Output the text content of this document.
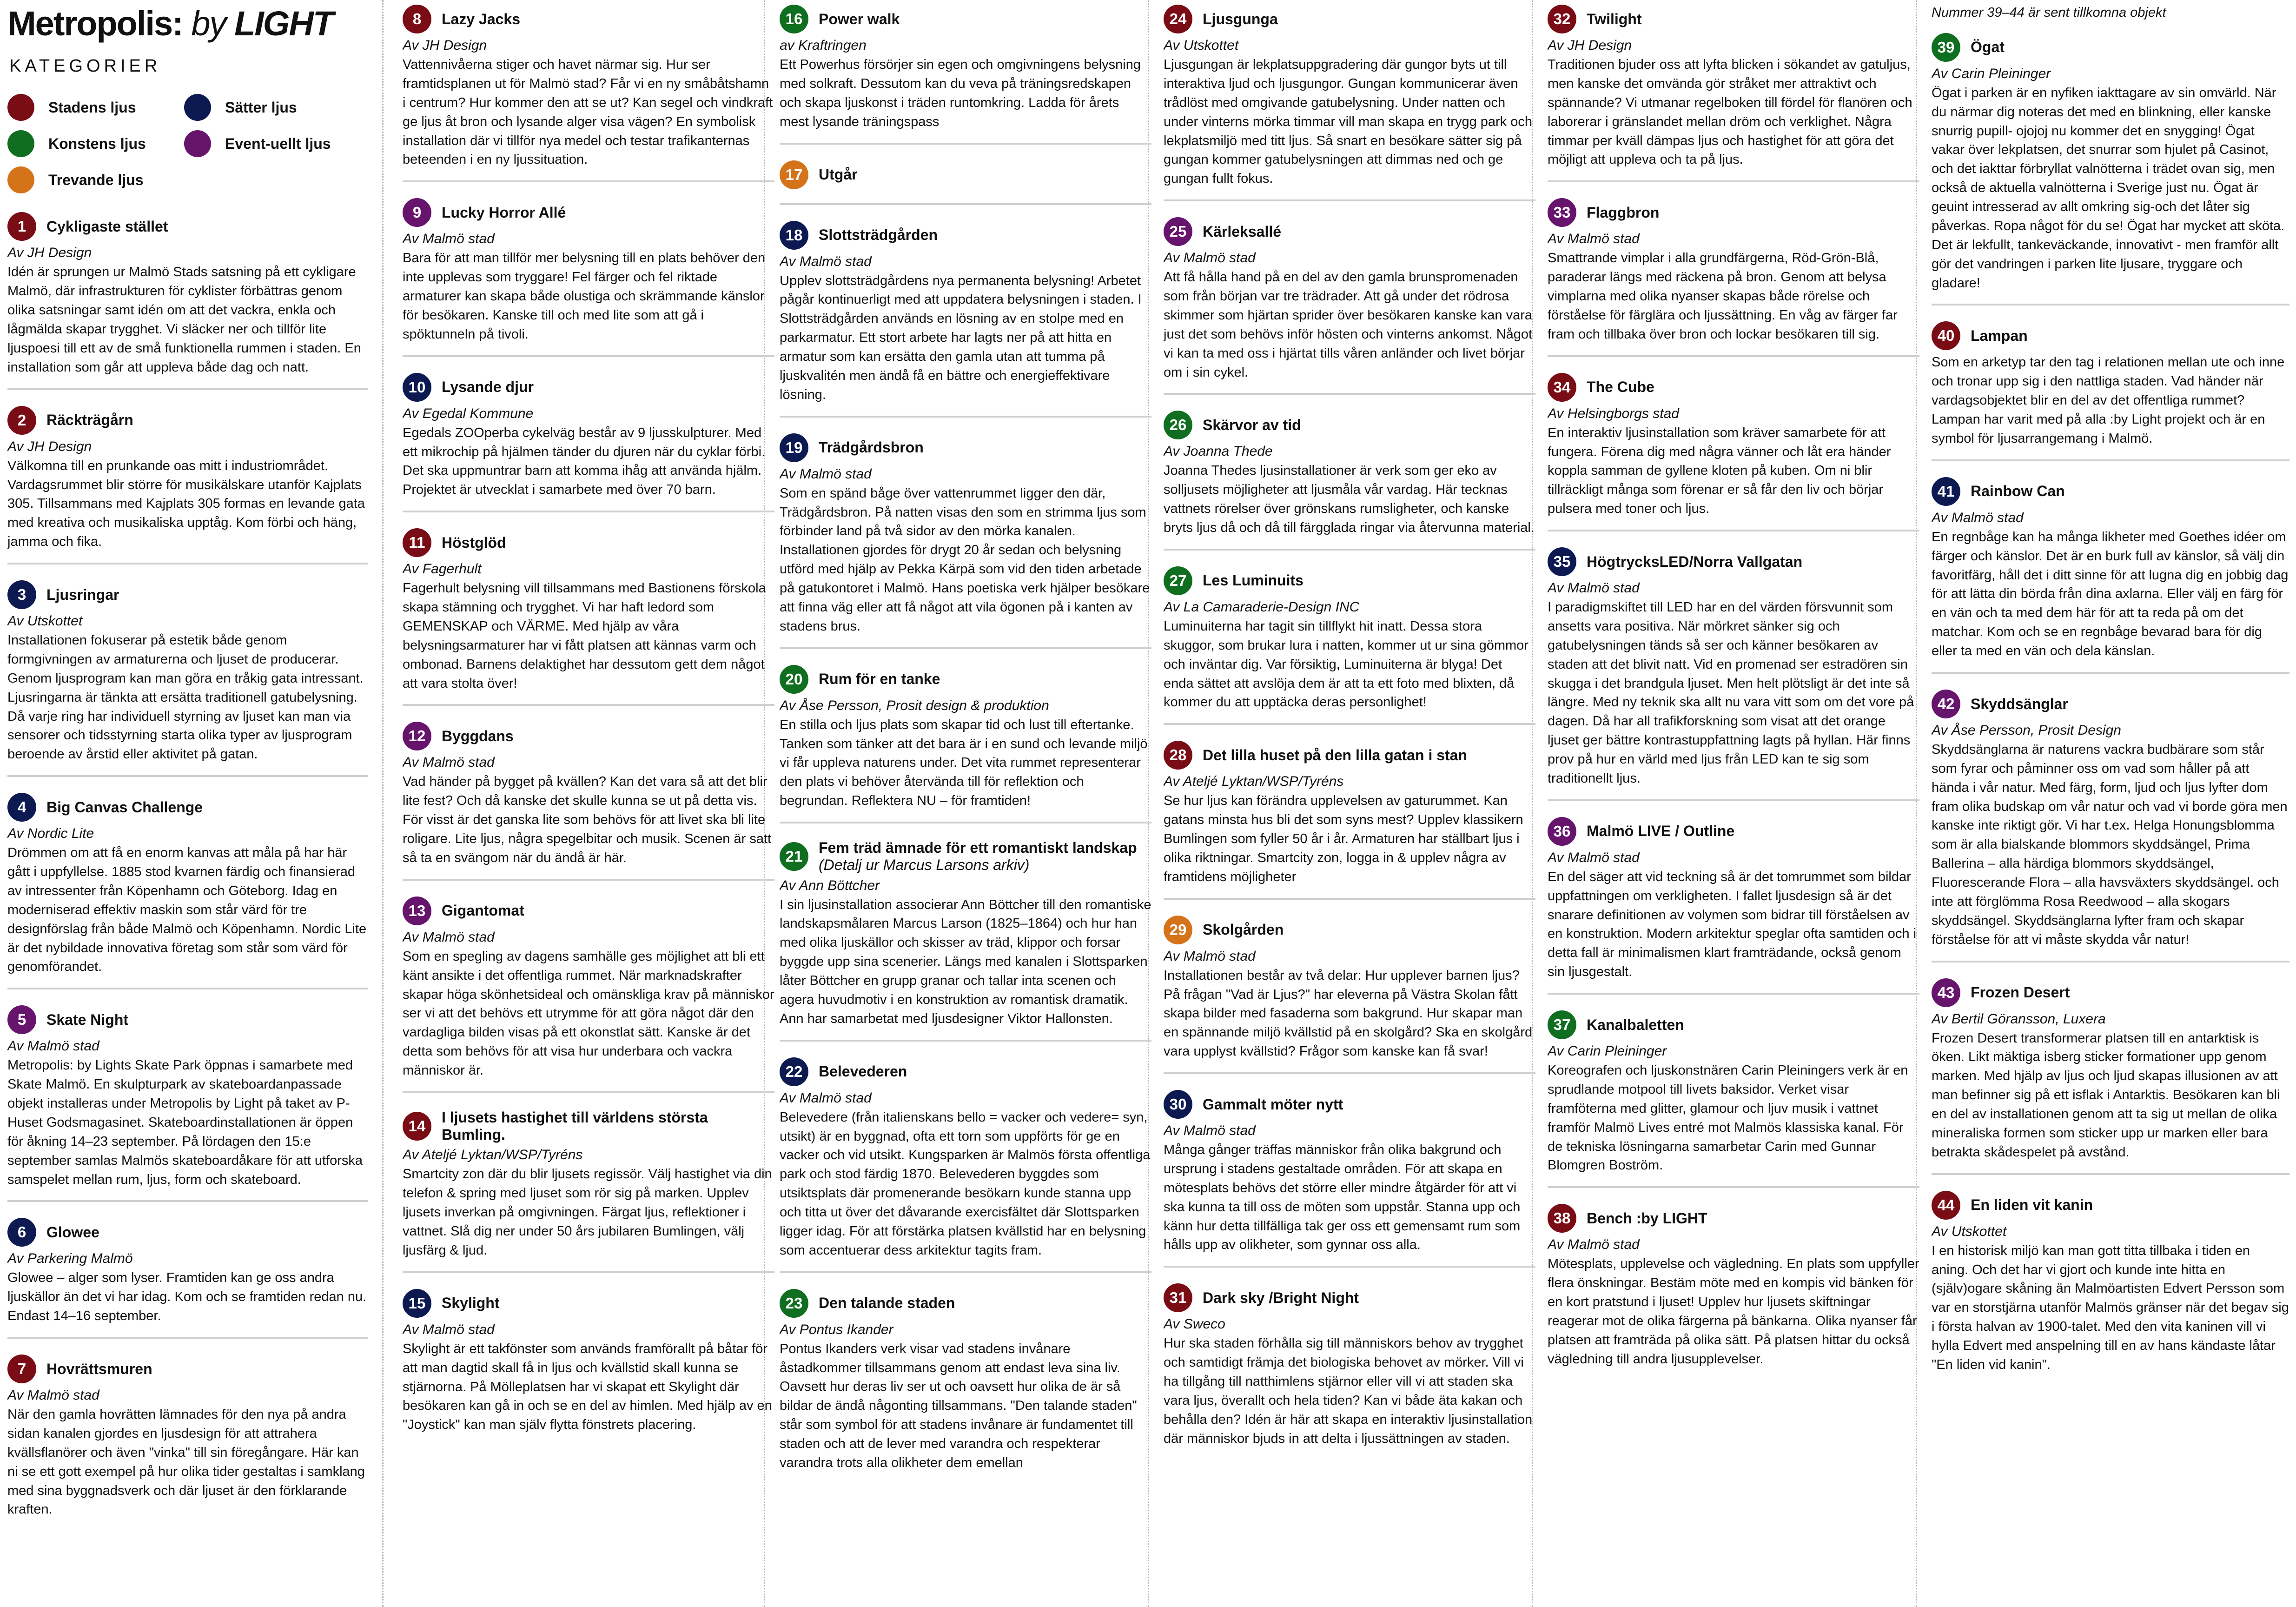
Metropolis: by LIGHT
KATEGORIER
Stadens ljus	Sätter ljus
Konstens ljus	Event-uellt ljus
Trevande ljus
1	Cykligaste stället
Av JH Design
Idén är sprungen ur Malmö Stads satsning på ett cykligare Malmö, där infrastrukturen för cyklister förbättras genom olika satsningar samt idén om att det vackra, enkla och lågmälda skapar trygghet. Vi släcker ner och tillför lite ljuspoesi till ett av de små funktionella rummen i staden. En installation som går att uppleva både dag och natt.
2	Räckträgårn
Av JH Design
Välkomna till en prunkande oas mitt i industriområdet. Vardagsrummet blir större för musikälskare utanför Kajplats 305. Tillsammans med Kajplats 305 formas en levande gata med kreativa och musikaliska upptåg. Kom förbi och häng, jamma och fika.
3	Ljusringar
Av Utskottet
Installationen fokuserar på estetik både genom formgivningen av armaturerna och ljuset de producerar. Genom ljusprogram kan man göra en tråkig gata intressant. Ljusringarna är tänkta att ersätta traditionell gatubelysning. Då varje ring har individuell styrning av ljuset kan man via sensorer och tidsstyrning starta olika typer av ljusprogram beroende av årstid eller aktivitet på gatan.
4	Big Canvas Challenge
Av Nordic Lite
Drömmen om att få en enorm kanvas att måla på har här gått i uppfyllelse. 1885 stod kvarnen färdig och finansierad av intressenter från Köpenhamn och Göteborg. Idag en moderniserad effektiv maskin som står värd för tre designförslag från både Malmö och Köpenhamn. Nordic Lite är det nybildade innovativa företag som står som värd för genomförandet.
5	Skate Night
Av Malmö stad
Metropolis: by Lights Skate Park öppnas i samarbete med Skate Malmö. En skulpturpark av skateboardanpassade objekt installeras under Metropolis by Light på taket av P-Huset Godsmagasinet. Skateboardinstallationen är öppen för åkning 14–23 september. På lördagen den 15:e september samlas Malmös skateboardåkare för att utforska samspelet mellan rum, ljus, form och skateboard.
6	Glowee
Av Parkering Malmö
Glowee – alger som lyser. Framtiden kan ge oss andra ljuskällor än det vi har idag. Kom och se framtiden redan nu. Endast 14–16 september.
7	Hovrättsmuren
Av Malmö stad
När den gamla hovrätten lämnades för den nya på andra sidan kanalen gjordes en ljusdesign för att attrahera kvällsflanörer och även "vinka" till sin föregångare. Här kan ni se ett gott exempel på hur olika tider gestaltas i samklang med sina byggnadsverk och där ljuset är den förklarande kraften.
8	Lazy Jacks
Av JH Design
Vattennivåerna stiger och havet närmar sig. Hur ser framtidsplanen ut för Malmö stad? Får vi en ny småbåtshamn i centrum? Hur kommer den att se ut? Kan segel och vindkraft ge ljus åt bron och lysande alger visa vägen? En symbolisk installation där vi tillför nya medel och testar trafikanternas beteenden i en ny ljussituation.
9	Lucky Horror Allé
Av Malmö stad
Bara för att man tillför mer belysning till en plats behöver den inte upplevas som tryggare! Fel färger och fel riktade armaturer kan skapa både olustiga och skrämmande känslor för besökaren. Kanske till och med lite som att gå i spöktunneln på tivoli.
10	Lysande djur
Av Egedal Kommune
Egedals ZOOperba cykelväg består av 9 ljusskulpturer. Med ett mikrochip på hjälmen tänder du djuren när du cyklar förbi. Det ska uppmuntrar barn att komma ihåg att använda hjälm. Projektet är utvecklat i samarbete med över 70 barn.
11	Höstglöd
Av Fagerhult
Fagerhult belysning vill tillsammans med Bastionens förskola skapa stämning och trygghet. Vi har haft ledord som GEMENSKAP och VÄRME. Med hjälp av våra belysningsarmaturer har vi fått platsen att kännas varm och ombonad. Barnens delaktighet har dessutom gett dem något att vara stolta över!
12	Byggdans
Av Malmö stad
Vad händer på bygget på kvällen? Kan det vara så att det blir lite fest? Och då kanske det skulle kunna se ut på detta vis. För visst är det ganska lite som behövs för att livet ska bli lite roligare. Lite ljus, några spegelbitar och musik. Scenen är satt så ta en svängom när du ändå är här.
13	Gigantomat
Av Malmö stad
Som en spegling av dagens samhälle ges möjlighet att bli ett känt ansikte i det offentliga rummet. När marknadskrafter skapar höga skönhetsideal och omänskliga krav på människor ser vi att det behövs ett utrymme för att göra något där den vardagliga bilden visas på ett okonstlat sätt. Kanske är det detta som behövs för att visa hur underbara och vackra människor är.
14	I ljusets hastighet till världens största Bumling.
Av Ateljé Lyktan/WSP/Tyréns
Smartcity zon där du blir ljusets regissör. Välj hastighet via din telefon & spring med ljuset som rör sig på marken. Upplev ljusets inverkan på omgivningen. Färgat ljus, reflektioner i vattnet. Slå dig ner under 50 års jubilaren Bumlingen, välj ljusfärg & ljud.
15	Skylight
Av Malmö stad
Skylight är ett takfönster som används framförallt på båtar för att man dagtid skall få in ljus och kvällstid skall kunna se stjärnorna. På Mölleplatsen har vi skapat ett Skylight där besökaren kan gå in och se en del av himlen. Med hjälp av en "Joystick" kan man själv flytta fönstrets placering.
16	Power walk
av Kraftringen
Ett Powerhus försörjer sin egen och omgivningens belysning med solkraft. Dessutom kan du veva på träningsredskapen och skapa ljuskonst i träden runtomkring. Ladda för årets mest lysande träningspass
17	Utgår
18	Slottsträdgården
Av Malmö stad
Upplev slottsträdgårdens nya permanenta belysning! Arbetet pågår kontinuerligt med att uppdatera belysningen i staden. I Slottsträdgården används en lösning av en stolpe med en parkarmatur. Ett stort arbete har lagts ner på att hitta en armatur som kan ersätta den gamla utan att tumma på ljuskvalitén men ändå få en bättre och energieffektivare lösning.
19	Trädgårdsbron
Av Malmö stad
Som en spänd båge över vattenrummet ligger den där, Trädgårdsbron. På natten visas den som en strimma ljus som förbinder land på två sidor av den mörka kanalen. Installationen gjordes för drygt 20 år sedan och belysning utförd med hjälp av Pekka Kärpä som vid den tiden arbetade på gatukontoret i Malmö. Hans poetiska verk hjälper besökare att finna väg eller att få något att vila ögonen på i kanten av stadens brus.
20	Rum för en tanke
Av Åse Persson, Prosit design & produktion
En stilla och ljus plats som skapar tid och lust till eftertanke. Tanken som tänker att det bara är i en sund och levande miljö vi får uppleva naturens under. Det vita rummet representerar den plats vi behöver återvända till för reflektion och begrundan. Reflektera NU – för framtiden!
21	Fem träd ämnade för ett romantiskt landskap (Detalj ur Marcus Larsons arkiv)
Av Ann Böttcher
I sin ljusinstallation associerar Ann Böttcher till den romantiske landskapsmålaren Marcus Larson (1825–1864) och hur han med olika ljuskällor och skisser av träd, klippor och forsar byggde upp sina scenerier. Längs med kanalen i Slottsparken låter Böttcher en grupp granar och tallar inta scenen och agera huvudmotiv i en konstruktion av romantisk dramatik. Ann har samarbetat med ljusdesigner Viktor Hallonsten.
22	Belevederen
Av Malmö stad
Belevedere (från italienskans bello = vacker och vedere= syn, utsikt) är en byggnad, ofta ett torn som uppförts för ge en vacker och vid utsikt. Kungsparken är Malmös första offentliga park och stod färdig 1870. Belevederen byggdes som utsiktsplats där promenerande besökarn kunde stanna upp och titta ut över det dåvarande exercisfältet där Slottsparken ligger idag. För att förstärka platsen kvällstid har en belysning som accentuerar dess arkitektur tagits fram.
23	Den talande staden
Av Pontus Ikander
Pontus Ikanders verk visar vad stadens invånare åstadkommer tillsammans genom att endast leva sina liv. Oavsett hur deras liv ser ut och oavsett hur olika de är så bildar de ändå någonting tillsammans. "Den talande staden" står som symbol för att stadens invånare är fundamentet till staden och att de lever med varandra och respekterar varandra trots alla olikheter dem emellan
24	Ljusgunga
Av Utskottet
Ljusgungan är lekplatsuppgradering där gungor byts ut till interaktiva ljud och ljusgungor. Gungan kommunicerar även trådlöst med omgivande gatubelysning. Under natten och under vinterns mörka timmar vill man skapa en trygg park och lekplatsmiljö med titt ljus. Så snart en besökare sätter sig på gungan kommer gatubelysningen att dimmas ned och ge gungan fullt fokus.
25	Kärleksallé
Av Malmö stad
Att få hålla hand på en del av den gamla brunspromenaden som från början var tre trädrader. Att gå under det rödrosa skimmer som hjärtan sprider över besökaren kanske kan vara just det som behövs inför hösten och vinterns ankomst. Något vi kan ta med oss i hjärtat tills våren anländer och livet börjar om i sin cykel.
26	Skärvor av tid
Av Joanna Thede
Joanna Thedes ljusinstallationer är verk som ger eko av solljusets möjligheter att ljusmåla vår vardag. Här tecknas vattnets rörelser över grönskans rumsligheter, och kanske bryts ljus då och då till färgglada ringar via återvunna material.
27	Les Luminuits
Av La Camaraderie-Design INC
Luminuiterna har tagit sin tillflykt hit inatt. Dessa stora skuggor, som brukar lura i natten, kommer ut ur sina gömmor och inväntar dig. Var försiktig, Luminuiterna är blyga! Det enda sättet att avslöja dem är att ta ett foto med blixten, då kommer du att upptäcka deras personlighet!
28	Det lilla huset på den lilla gatan i stan
Av Ateljé Lyktan/WSP/Tyréns
Se hur ljus kan förändra upplevelsen av gaturummet. Kan gatans minsta hus bli det som syns mest? Upplev klassikern Bumlingen som fyller 50 år i år. Armaturen har ställbart ljus i olika riktningar. Smartcity zon, logga in & upplev några av framtidens möjligheter
29	Skolgården
Av Malmö stad
Installationen består av två delar: Hur upplever barnen ljus? På frågan "Vad är Ljus?" har eleverna på Västra Skolan fått skapa bilder med fasaderna som bakgrund. Hur skapar man en spännande miljö kvällstid på en skolgård? Ska en skolgård vara upplyst kvällstid? Frågor som kanske kan få svar!
30	Gammalt möter nytt
Av Malmö stad
Många gånger träffas människor från olika bakgrund och ursprung i stadens gestaltade områden. För att skapa en mötesplats behövs det större eller mindre åtgärder för att vi ska kunna ta till oss de möten som uppstår. Stanna upp och känn hur detta tillfälliga tak ger oss ett gemensamt rum som hålls upp av olikheter, som gynnar oss alla.
31	Dark sky /Bright Night
Av Sweco
Hur ska staden förhålla sig till människors behov av trygghet och samtidigt främja det biologiska behovet av mörker. Vill vi ha tillgång till natthimlens stjärnor eller vill vi att staden ska vara ljus, överallt och hela tiden? Kan vi både äta kakan och behålla den? Idén är här att skapa en interaktiv ljusinstallation där människor bjuds in att delta i ljussättningen av staden.
32	Twilight
Av JH Design
Traditionen bjuder oss att lyfta blicken i sökandet av gatuljus, men kanske det omvända gör stråket mer attraktivt och spännande? Vi utmanar regelboken till fördel för flanören och laborerar i gränslandet mellan dröm och verklighet. Några timmar per kväll dämpas ljus och hastighet för att göra det möjligt att uppleva och ta på ljus.
33	Flaggbron
Av Malmö stad
Smattrande vimplar i alla grundfärgerna, Röd-Grön-Blå, paraderar längs med räckena på bron. Genom att belysa vimplarna med olika nyanser skapas både rörelse och förståelse för färglära och ljussättning. En våg av färger far fram och tillbaka över bron och lockar besökaren till sig.
34	The Cube
Av Helsingborgs stad
En interaktiv ljusinstallation som kräver samarbete för att fungera. Förena dig med några vänner och låt era händer koppla samman de gyllene kloten på kuben. Om ni blir tillräckligt många som förenar er så får den liv och börjar pulsera med toner och ljus.
35	HögtrycksLED/Norra Vallgatan
Av Malmö stad
I paradigmskiftet till LED har en del värden försvunnit som ansetts vara positiva. När mörkret sänker sig och gatubelysningen tänds så ser och känner besökaren av staden att det blivit natt. Vid en promenad ser estradören sin skugga i det brandgula ljuset. Men helt plötsligt är det inte så längre. Med ny teknik ska allt nu vara vitt som om det vore på dagen. Då har all trafikforskning som visat att det orange ljuset ger bättre kontrastuppfattning lagts på hyllan. Här finns prov på hur en värld med ljus från LED kan te sig som traditionellt ljus.
36	Malmö LIVE / Outline
Av Malmö stad
En del säger att vid teckning så är det tomrummet som bildar uppfattningen om verkligheten. I fallet ljusdesign så är det snarare definitionen av volymen som bidrar till förståelsen av en konstruktion. Modern arkitektur speglar ofta samtiden och i detta fall är minimalismen klart framträdande, också genom sin ljusgestalt.
37	Kanalbaletten
Av Carin Pleininger
Koreografen och ljuskonstnären Carin Pleiningers verk är en sprudlande motpool till livets baksidor. Verket visar framföterna med glitter, glamour och ljuv musik i vattnet framför Malmö Lives entré mot Malmös klassiska kanal. För de tekniska lösningarna samarbetar Carin med Gunnar Blomgren Boström.
38	Bench :by LIGHT
Av Malmö stad
Mötesplats, upplevelse och vägledning. En plats som uppfyller flera önskningar. Bestäm möte med en kompis vid bänken för en kort pratstund i ljuset! Upplev hur ljusets skiftningar reagerar mot de olika färgerna på bänkarna. Olika nyanser får platsen att framträda på olika sätt. På platsen hittar du också vägledning till andra ljusupplevelser.
Nummer 39–44 är sent tillkomna objekt
39	Ögat
Av Carin Pleininger
Ögat i parken är en nyfiken iakttagare av sin omvärld. När du närmar dig noteras det med en blinkning, eller kanske snurrig pupill- ojojoj nu kommer det en snygging! Ögat vakar över lekplatsen, det snurrar som hjulet på Casinot, och det iakttar förbryllat valnötterna i trädet ovan sig, men också de aktuella valnötterna i Sverige just nu. Ögat är geuint intresserad av allt omkring sig-och det låter sig påverkas. Ropa något för du se! Ögat har mycket att sköta. Det är lekfullt, tankeväckande, innovativt - men framför allt gör det vandringen i parken lite ljusare, tryggare och gladare!
40	Lampan
Som en arketyp tar den tag i relationen mellan ute och inne och tronar upp sig i den nattliga staden. Vad händer när vardagsobjektet blir en del av det offentliga rummet? Lampan har varit med på alla :by Light projekt och är en symbol för ljusarrangemang i Malmö.
41	Rainbow Can
Av Malmö stad
En regnbåge kan ha många likheter med Goethes idéer om färger och känslor. Det är en burk full av känslor, så välj din favoritfärg, håll det i ditt sinne för att lugna dig en jobbig dag för att lätta din börda från dina axlarna. Eller välj en färg för en vän och ta med dem här för att ta reda på om det matchar. Kom och se en regnbåge bevarad bara för dig eller ta med en vän och dela känslan.
42	Skyddsänglar
Av Åse Persson, Prosit Design
Skyddsänglarna är naturens vackra budbärare som står som fyrar och påminner oss om vad som håller på att hända i vår natur. Med färg, form, ljud och ljus lyfter dom fram olika budskap om vår natur och vad vi borde göra men kanske inte riktigt gör. Vi har t.ex. Helga Honungsblomma som är alla bialskande blommors skyddsängel, Prima Ballerina – alla härdiga blommors skyddsängel, Fluorescerande Flora – alla havsväxters skyddsängel. och inte att förglömma Rosa Reedwood – alla skogars skyddsängel. Skyddsänglarna lyfter fram och skapar förståelse för att vi måste skydda vår natur!
43	Frozen Desert
Av Bertil Göransson, Luxera
Frozen Desert transformerar platsen till en antarktisk is öken. Likt mäktiga isberg sticker formationer upp genom marken. Med hjälp av ljus och ljud skapas illusionen av att man befinner sig på ett isflak i Antarktis. Besökaren kan bli en del av installationen genom att ta sig ut mellan de olika mineraliska formen som sticker upp ur marken eller bara betrakta skådespelet på avstånd.
44	En liden vit kanin
Av Utskottet
I en historisk miljö kan man gott titta tillbaka i tiden en aning. Och det har vi gjort och kunde inte hitta en (själv)ogare skåning än Malmöartisten Edvert Persson som var en storstjärna utanför Malmös gränser när det begav sig i första halvan av 1900-talet. Med den vita kaninen vill vi hylla Edvert med anspelning till en av hans kändaste låtar "En liden vid kanin".
